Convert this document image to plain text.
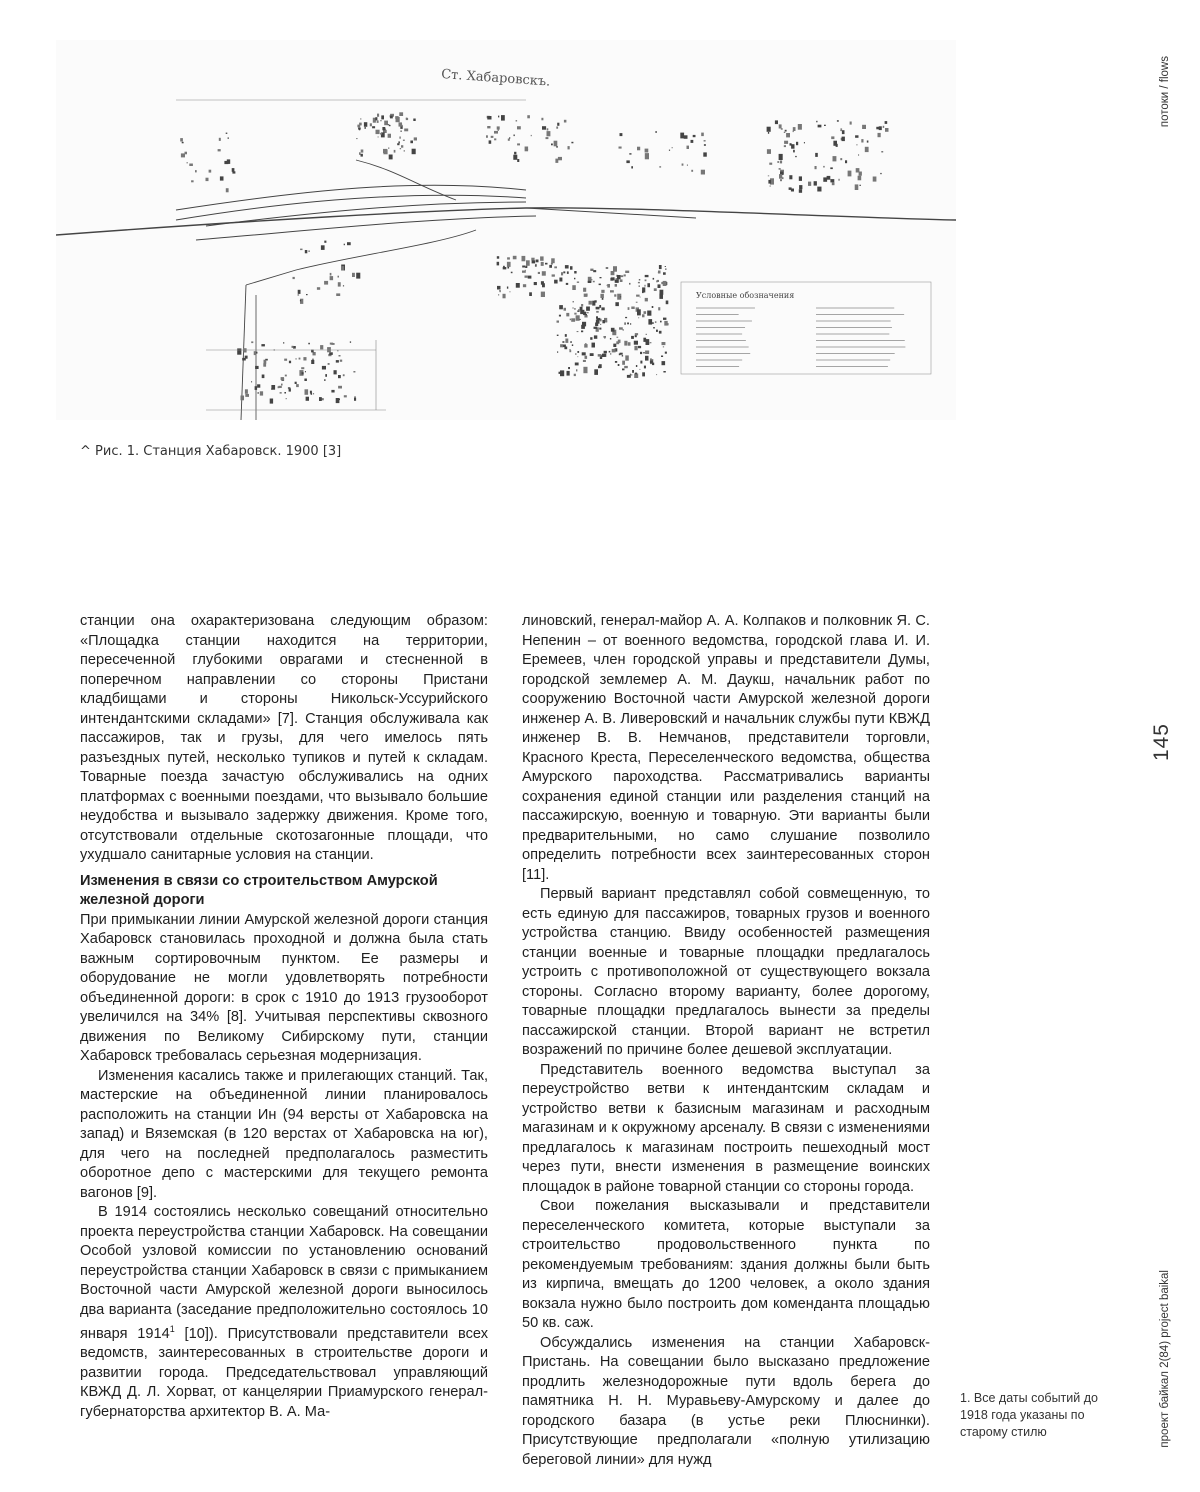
Ст. Хабаровскъ.
Условные обозначения
^ Рис. 1. Станция Хабаровск. 1900 [3]
потоки / flows
145
проект байкал 2(84) project baikal

станции она охарактеризована следующим образом: «Площадка станции находится на территории, пересеченной глубокими оврагами и стесненной в поперечном направлении со стороны Пристани кладбищами и стороны Никольск-Уссурийского интендантскими складами» [7]. Станция обслуживала как пассажиров, так и грузы, для чего имелось пять разъездных путей, несколько тупиков и путей к складам. Товарные поезда зачастую обслуживались на одних платформах с военными поездами, что вызывало большие неудобства и вызывало задержку движения. Кроме того, отсутствовали отдельные скотозагонные площади, что ухудшало санитарные условия на станции.

Изменения в связи со строительством Амурской железной дороги

При примыкании линии Амурской железной дороги станция Хабаровск становилась проходной и должна была стать важным сортировочным пунктом. Ее размеры и оборудование не могли удовлетворять потребности объединенной дороги: в срок с 1910 до 1913 грузооборот увеличился на 34% [8]. Учитывая перспективы сквозного движения по Великому Сибирскому пути, станции Хабаровск требовалась серьезная модернизация.

Изменения касались также и прилегающих станций. Так, мастерские на объединенной линии планировалось расположить на станции Ин (94 версты от Хабаровска на запад) и Вяземская (в 120 верстах от Хабаровска на юг), для чего на последней предполагалось разместить оборотное депо с мастерскими для текущего ремонта вагонов [9].

В 1914 состоялись несколько совещаний относительно проекта переустройства станции Хабаровск. На совещании Особой узловой комиссии по установлению оснований переустройства станции Хабаровск в связи с примыканием Восточной части Амурской железной дороги выносилось два варианта (заседание предположительно состоялось 10 января 19141 [10]). Присутствовали представители всех ведомств, заинтересованных в строительстве дороги и развитии города. Председательствовал управляющий КВЖД Д. Л. Хорват, от канцелярии Приамурского генерал-губернаторства архитектор В. А. Ма-

линовский, генерал-майор А. А. Колпаков и полковник Я. С. Непенин – от военного ведомства, городской глава И. И. Еремеев, член городской управы и представители Думы, городской землемер А. М. Даукш, начальник работ по сооружению Восточной части Амурской железной дороги инженер А. В. Ливеровский и начальник службы пути КВЖД инженер В. В. Немчанов, представители торговли, Красного Креста, Переселенческого ведомства, общества Амурского пароходства. Рассматривались варианты сохранения единой станции или разделения станций на пассажирскую, военную и товарную. Эти варианты были предварительными, но само слушание позволило определить потребности всех заинтересованных сторон [11].

Первый вариант представлял собой совмещенную, то есть единую для пассажиров, товарных грузов и военного устройства станцию. Ввиду особенностей размещения станции военные и товарные площадки предлагалось устроить с противоположной от существующего вокзала стороны. Согласно второму варианту, более дорогому, товарные площадки предлагалось вынести за пределы пассажирской станции. Второй вариант не встретил возражений по причине более дешевой эксплуатации.

Представитель военного ведомства выступал за переустройство ветви к интендантским складам и устройство ветви к базисным магазинам и расходным магазинам и к окружному арсеналу. В связи с изменениями предлагалось к магазинам построить пешеходный мост через пути, внести изменения в размещение воинских площадок в районе товарной станции со стороны города.

Свои пожелания высказывали и представители переселенческого комитета, которые выступали за строительство продовольственного пункта по рекомендуемым требованиям: здания должны были быть из кирпича, вмещать до 1200 человек, а около здания вокзала нужно было построить дом коменданта площадью 50 кв. саж.

Обсуждались изменения на станции Хабаровск-Пристань. На совещании было высказано предложение продлить железнодорожные пути вдоль берега до памятника Н. Н. Муравьеву-Амурскому и далее до городского базара (в устье реки Плюснинки). Присутствующие предполагали «полную утилизацию береговой линии» для нужд

1. Все даты событий до 1918 года указаны по старому стилю
